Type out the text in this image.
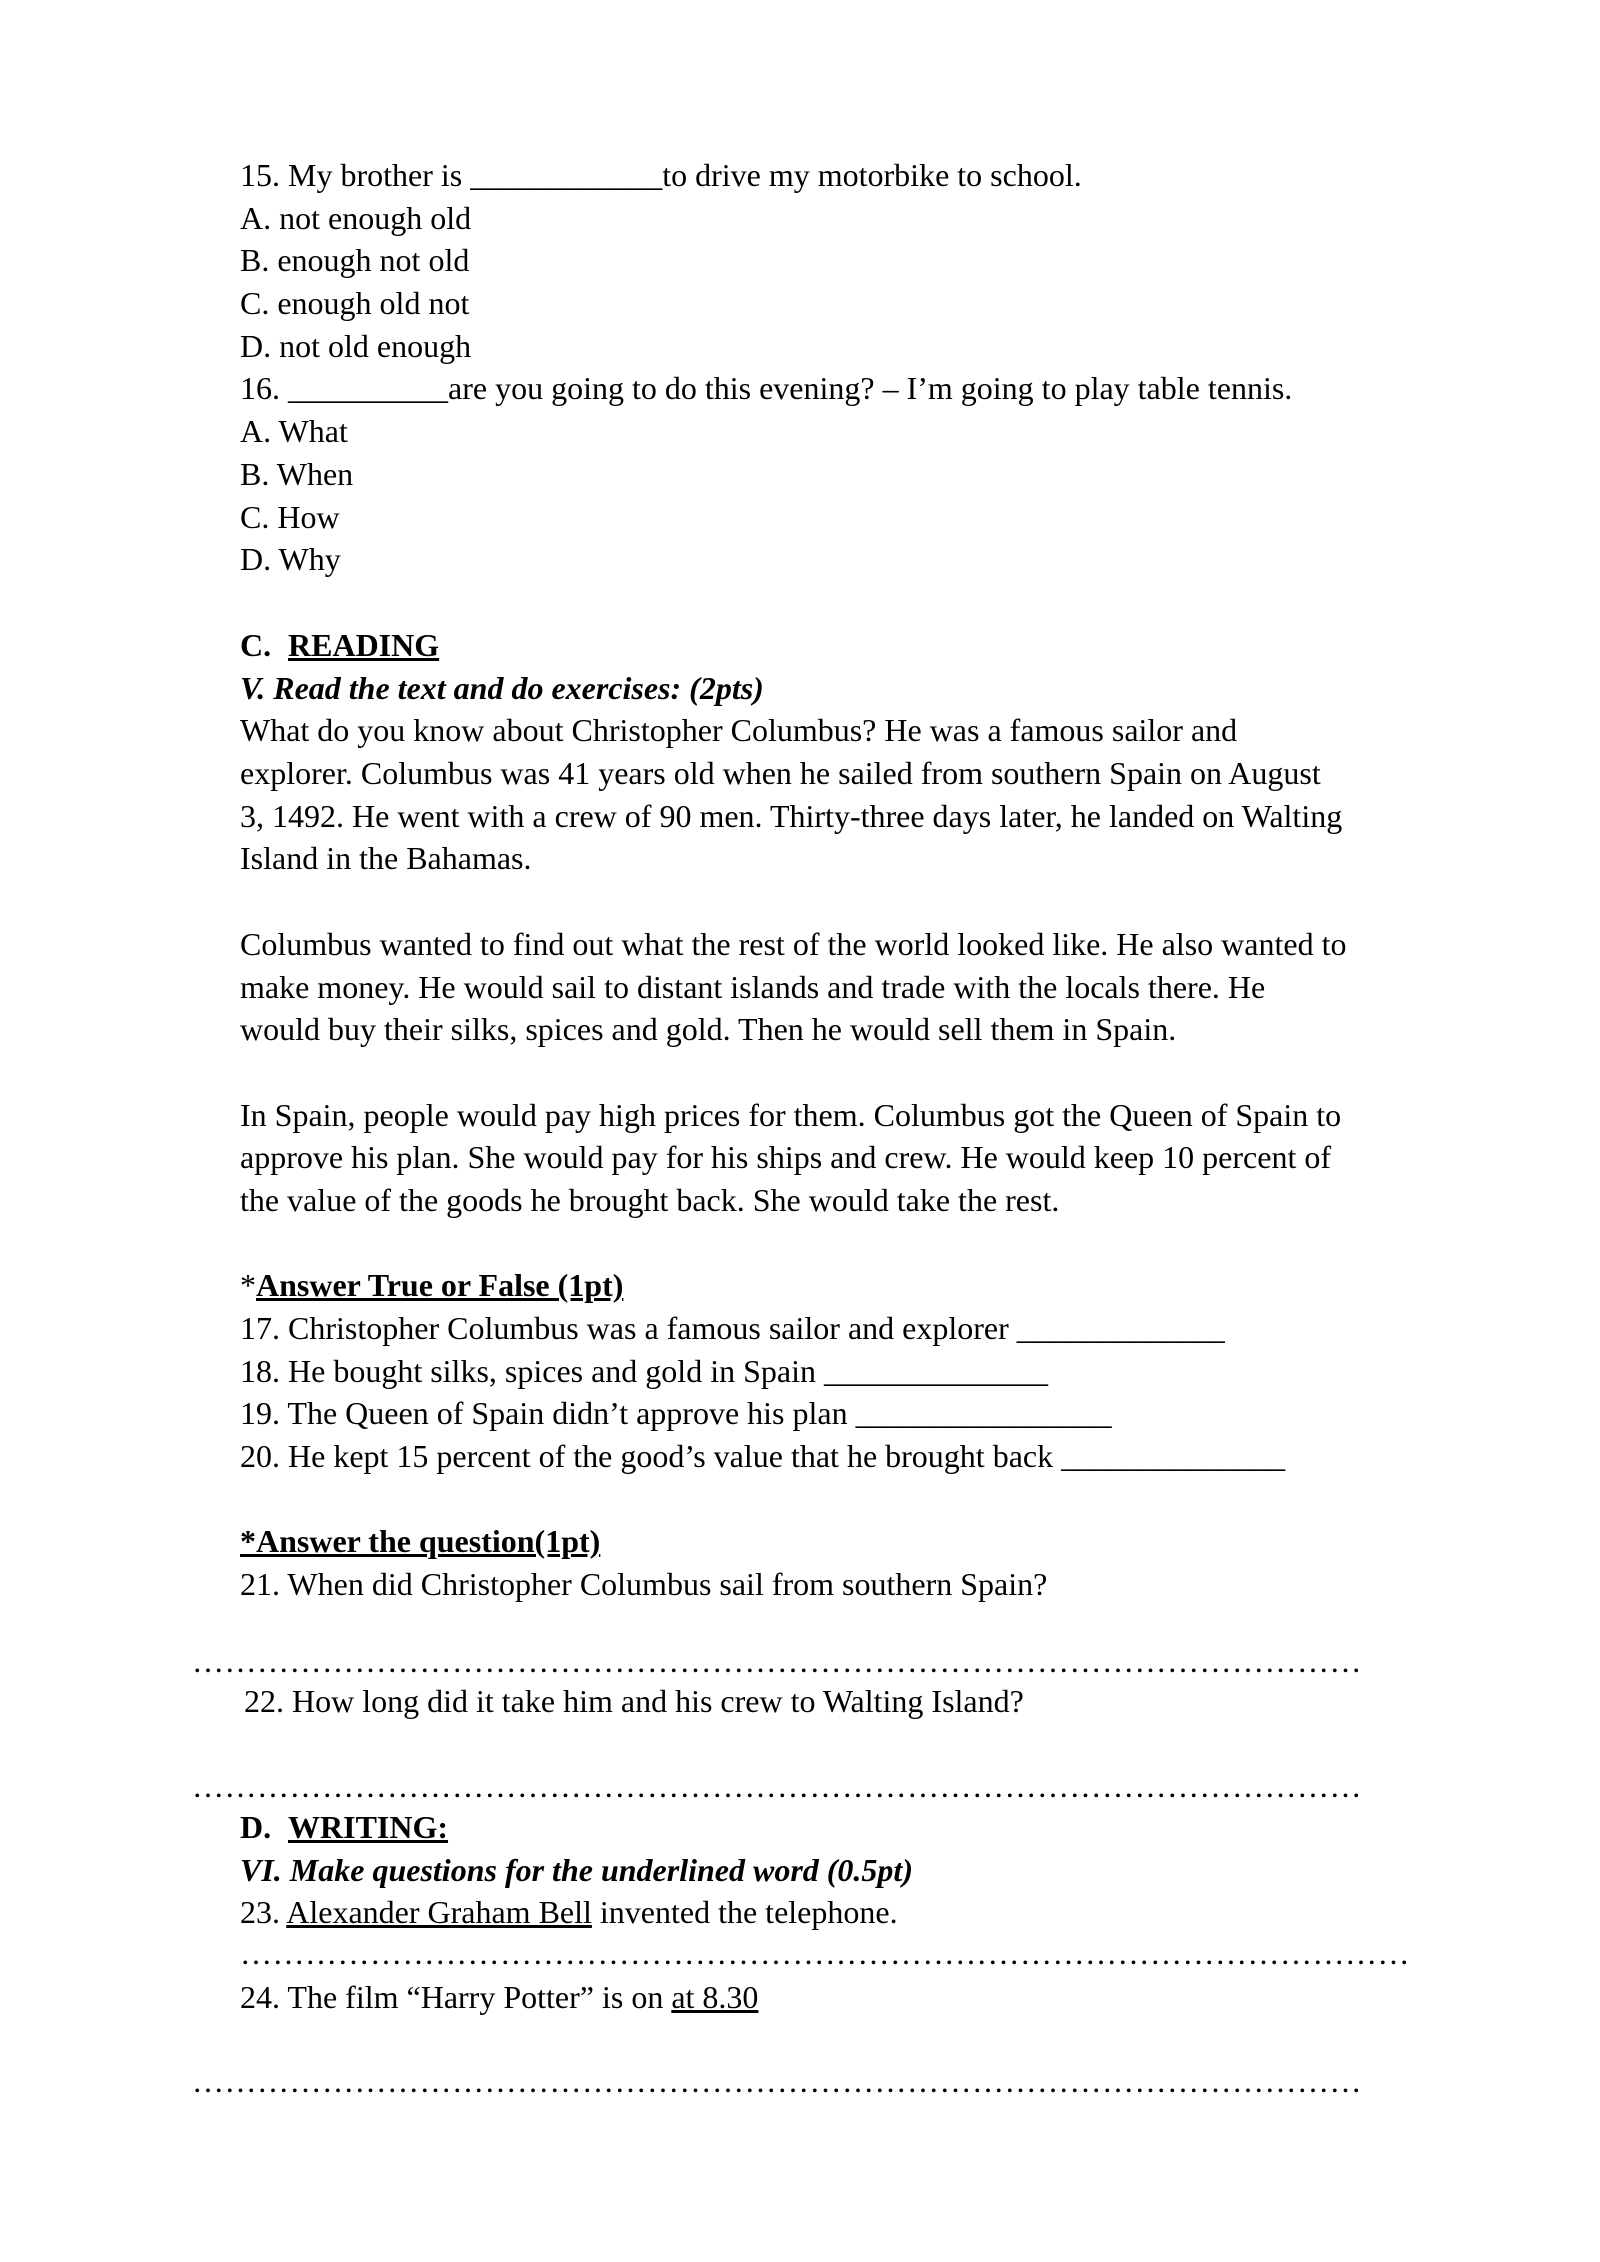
15. My brother is ____________to drive my motorbike to school.
A. not enough old
B. enough not old
C. enough old not
D. not old enough
16. __________are you going to do this evening? – I’m going to play table tennis.
A. What
B. When
C. How
D. Why
C. READING
V. Read the text and do exercises: (2pts)
What do you know about Christopher Columbus? He was a famous sailor and
explorer. Columbus was 41 years old when he sailed from southern Spain on August
3, 1492. He went with a crew of 90 men. Thirty-three days later, he landed on Walting
Island in the Bahamas.
Columbus wanted to find out what the rest of the world looked like. He also wanted to
make money. He would sail to distant islands and trade with the locals there. He
would buy their silks, spices and gold. Then he would sell them in Spain.
In Spain, people would pay high prices for them. Columbus got the Queen of Spain to
approve his plan. She would pay for his ships and crew. He would keep 10 percent of
the value of the goods he brought back. She would take the rest.
*Answer True or False (1pt)
17. Christopher Columbus was a famous sailor and explorer _____________
18. He bought silks, spices and gold in Spain ______________
19. The Queen of Spain didn’t approve his plan ________________
20. He kept 15 percent of the good’s value that he brought back ______________
*Answer the question(1pt)
21. When did Christopher Columbus sail from southern Spain?
………………………………………………………………………………………………
22. How long did it take him and his crew to Walting Island?
………………………………………………………………………………………………
D. WRITING:
VI. Make questions for the underlined word (0.5pt)
23. Alexander Graham Bell invented the telephone.
………………………………………………………………………………………………
24. The film “Harry Potter” is on at 8.30
………………………………………………………………………………………………
